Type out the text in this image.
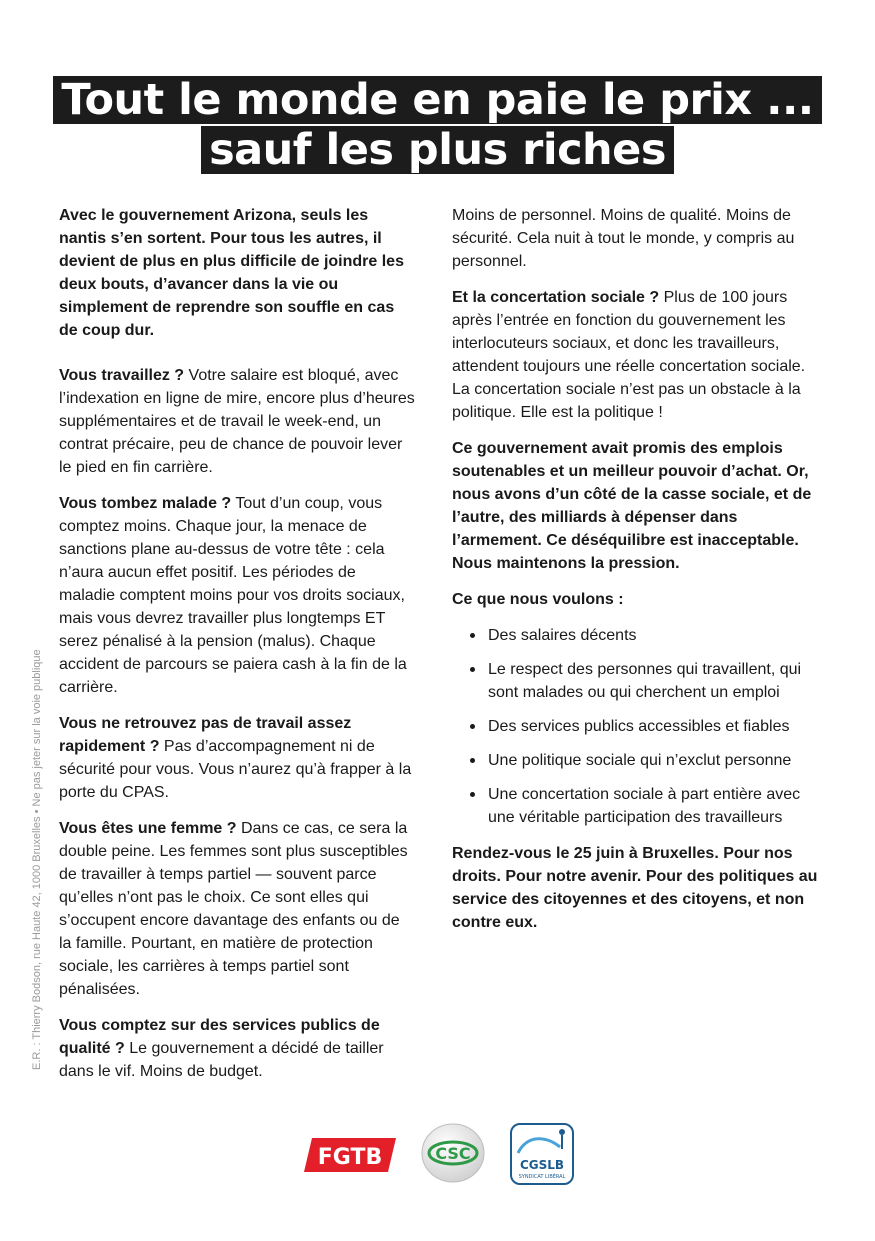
Tout le monde en paie le prix ...
sauf les plus riches

Avec le gouvernement Arizona, seuls les nantis s’en sortent. Pour tous les autres, il devient de plus en plus difficile de joindre les deux bouts, d’avancer dans la vie ou simplement de reprendre son souffle en cas de coup dur.

Vous travaillez ? Votre salaire est bloqué, avec l’indexation en ligne de mire, encore plus d’heures supplémentaires et de travail le week-end, un contrat précaire, peu de chance de pouvoir lever le pied en fin carrière.

Vous tombez malade ? Tout d’un coup, vous comptez moins. Chaque jour, la menace de sanctions plane au-dessus de votre tête : cela n’aura aucun effet positif. Les périodes de maladie comptent moins pour vos droits sociaux, mais vous devrez travailler plus longtemps ET serez pénalisé à la pension (malus). Chaque accident de parcours se paiera cash à la fin de la carrière.

Vous ne retrouvez pas de travail assez rapidement ? Pas d’accompagnement ni de sécurité pour vous. Vous n’aurez qu’à frapper à la porte du CPAS.

Vous êtes une femme ? Dans ce cas, ce sera la double peine. Les femmes sont plus susceptibles de travailler à temps partiel — souvent parce qu’elles n’ont pas le choix. Ce sont elles qui s’occupent encore davantage des enfants ou de la famille. Pourtant, en matière de protection sociale, les carrières à temps partiel sont pénalisées.

Vous comptez sur des services publics de qualité ? Le gouvernement a décidé de tailler dans le vif. Moins de budget.

Moins de personnel. Moins de qualité. Moins de sécurité. Cela nuit à tout le monde, y compris au personnel.

Et la concertation sociale ? Plus de 100 jours après l’entrée en fonction du gouvernement les interlocuteurs sociaux, et donc les travailleurs, attendent toujours une réelle concertation sociale. La concertation sociale n’est pas un obstacle à la politique. Elle est la politique !

Ce gouvernement avait promis des emplois soutenables et un meilleur pouvoir d’achat. Or, nous avons d’un côté de la casse sociale, et de l’autre, des milliards à dépenser dans l’armement. Ce déséquilibre est inacceptable. Nous maintenons la pression.

Ce que nous voulons :

Des salaires décents
Le respect des personnes qui travaillent, qui sont malades ou qui cherchent un emploi
Des services publics accessibles et fiables
Une politique sociale qui n’exclut personne
Une concertation sociale à part entière avec une véritable participation des travailleurs

Rendez-vous le 25 juin à Bruxelles. Pour nos droits. Pour notre avenir. Pour des politiques au service des citoyennes et des citoyens, et non contre eux.

E.R. : Thierry Bodson, rue Haute 42, 1000 Bruxelles • Ne pas jeter sur la voie publique
FGTB	CSC
CGSLB
SYNDICAT LIBÉRAL
